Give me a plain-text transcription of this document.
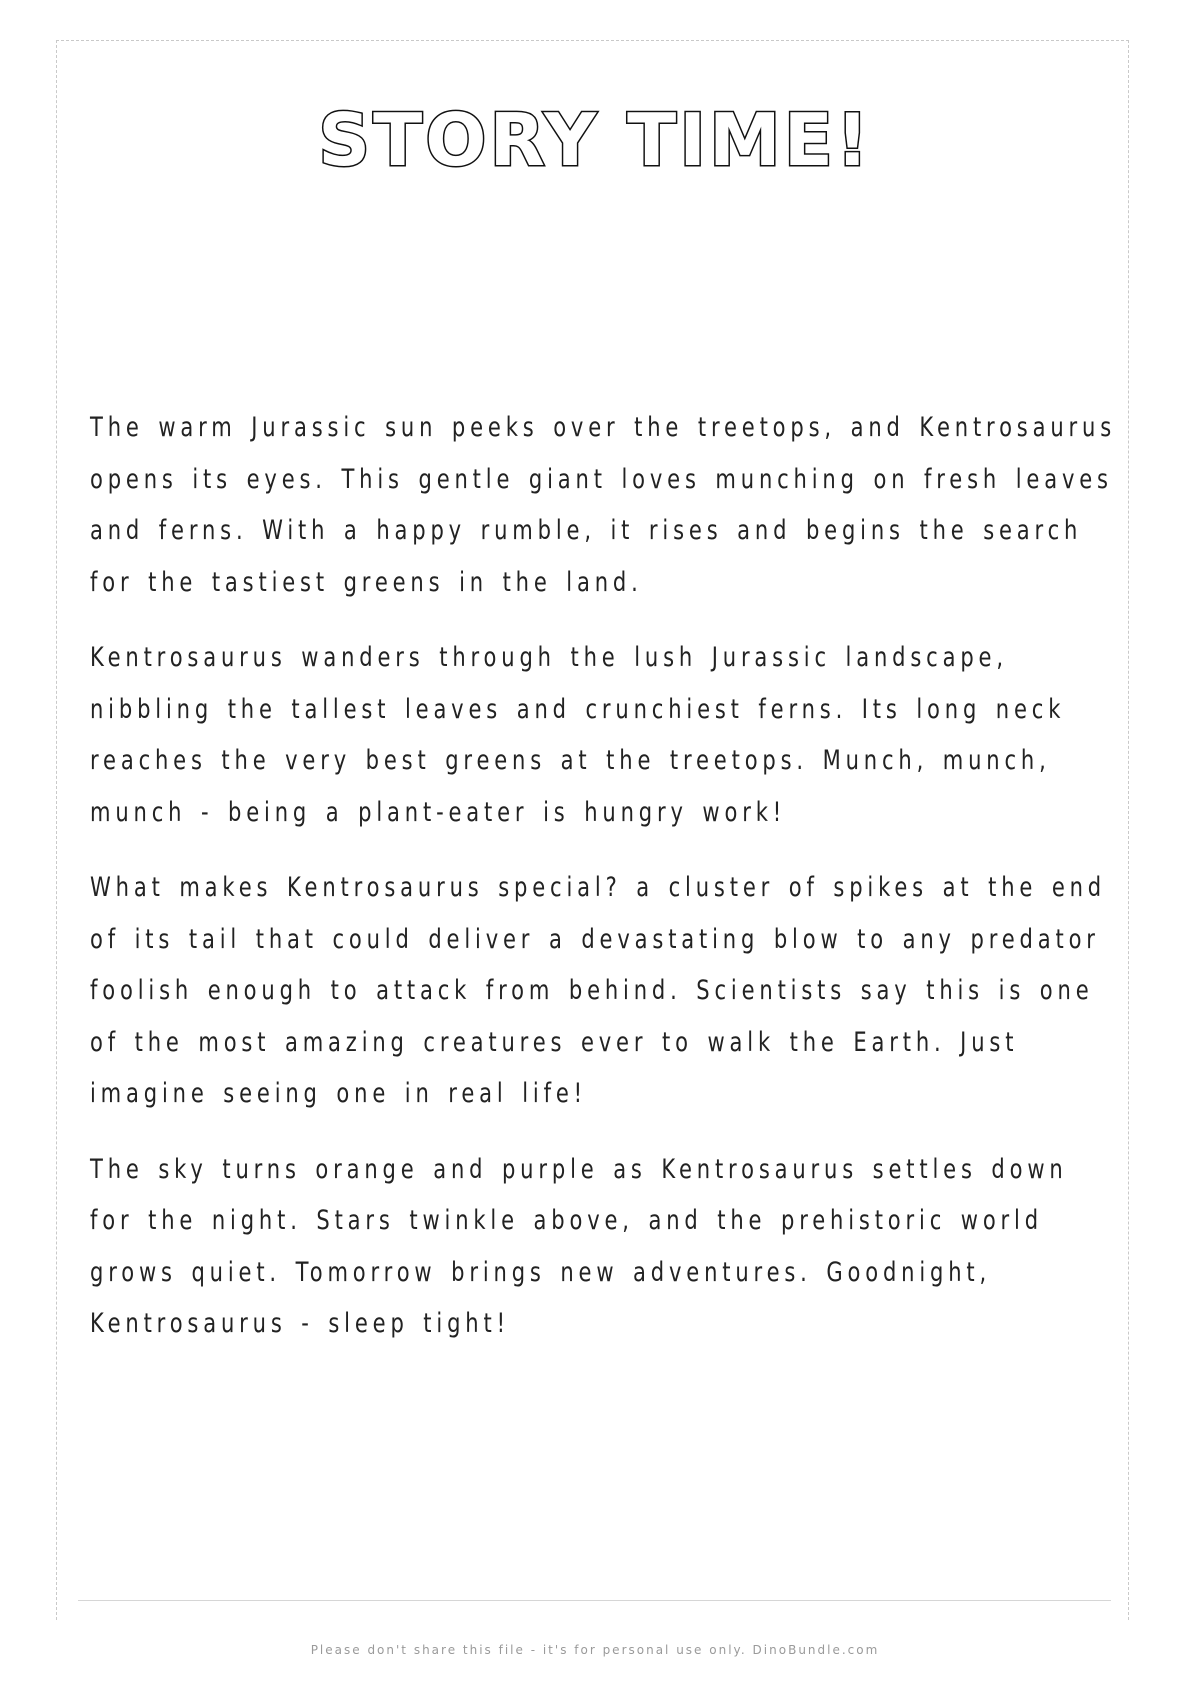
STORY TIME!

The warm Jurassic sun peeks over the treetops, and Kentrosaurus opens its eyes. This gentle giant loves munching on fresh leaves and ferns. With a happy rumble, it rises and begins the search for the tastiest greens in the land.

Kentrosaurus wanders through the lush Jurassic landscape, nibbling the tallest leaves and crunchiest ferns. Its long neck reaches the very best greens at the treetops. Munch, munch, munch - being a plant-eater is hungry work!

What makes Kentrosaurus special? a cluster of spikes at the end of its tail that could deliver a devastating blow to any predator foolish enough to attack from behind. Scientists say this is one of the most amazing creatures ever to walk the Earth. Just imagine seeing one in real life!

The sky turns orange and purple as Kentrosaurus settles down for the night. Stars twinkle above, and the prehistoric world grows quiet. Tomorrow brings new adventures. Goodnight, Kentrosaurus - sleep tight!

Please don't share this file - it's for personal use only. DinoBundle.com
